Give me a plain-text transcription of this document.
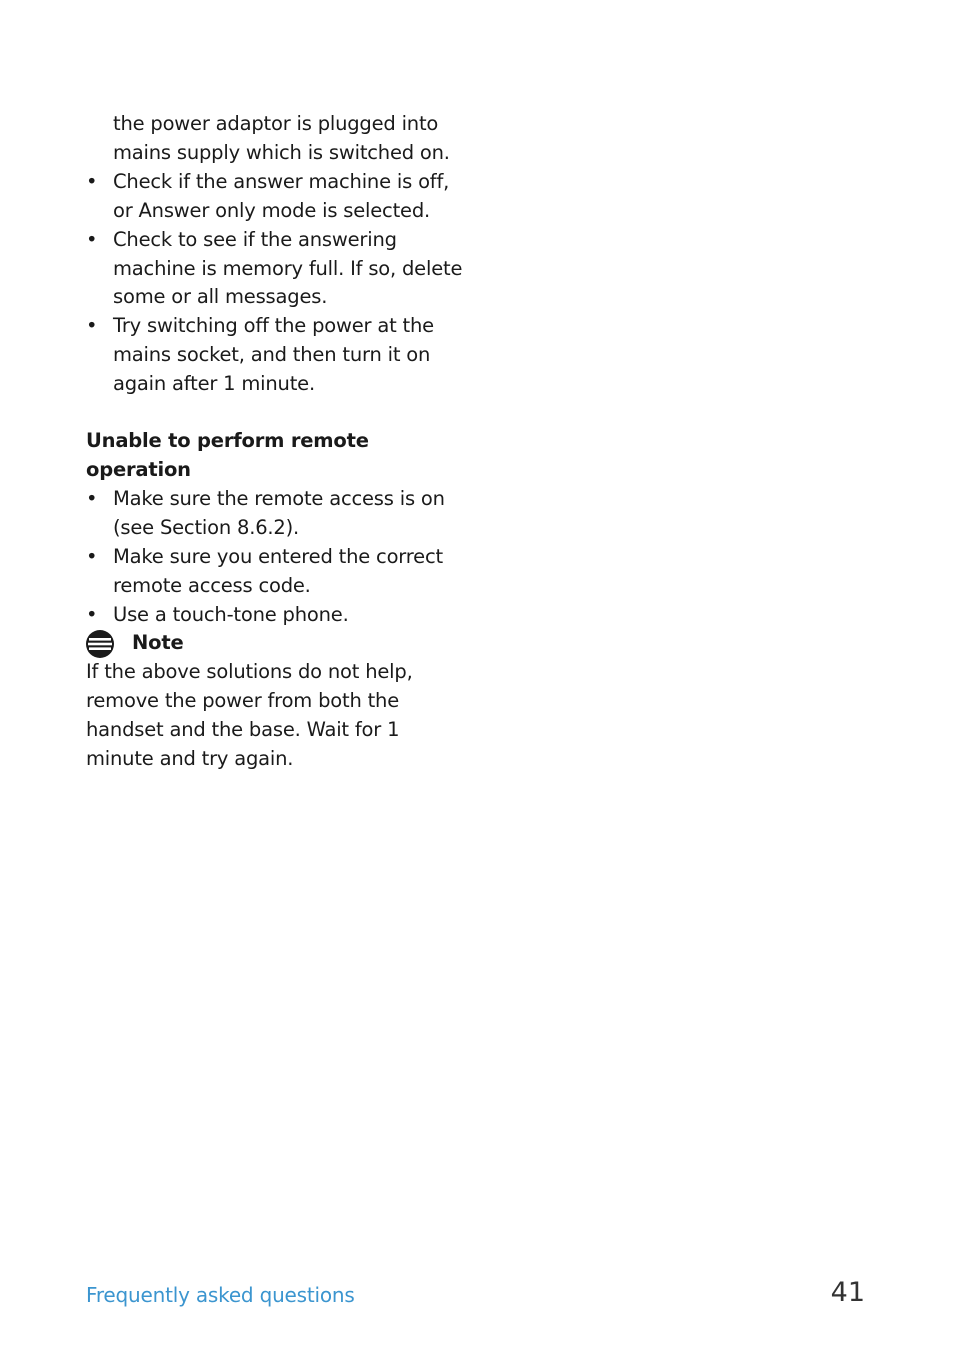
the power adaptor is plugged into mains supply which is switched on.

• Check if the answer machine is off, or Answer only mode is selected.
• Check to see if the answering machine is memory full. If so, delete some or all messages.
• Try switching off the power at the mains socket, and then turn it on again after 1 minute.
Unable to perform remote operation
• Make sure the remote access is on (see Section 8.6.2).
• Make sure you entered the correct remote access code.
• Use a touch-tone phone.
Note

If the above solutions do not help, remove the power from both the handset and the base. Wait for 1 minute and try again.

Frequently asked questions	41
